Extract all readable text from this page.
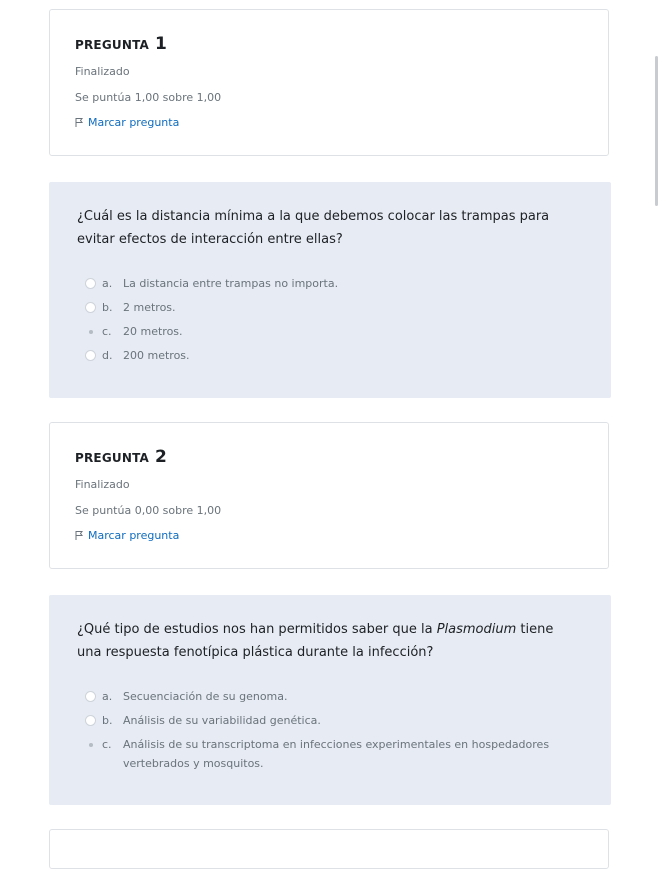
PREGUNTA 1
Finalizado
Se puntúa 1,00 sobre 1,00
Marcar pregunta
¿Cuál es la distancia mínima a la que debemos colocar las trampas para evitar efectos de interacción entre ellas?
a. La distancia entre trampas no importa.
b. 2 metros.
c. 20 metros.
d. 200 metros.
PREGUNTA 2
Finalizado
Se puntúa 0,00 sobre 1,00
Marcar pregunta
¿Qué tipo de estudios nos han permitidos saber que la Plasmodium tiene una respuesta fenotípica plástica durante la infección?
a. Secuenciación de su genoma.
b. Análisis de su variabilidad genética.
c. Análisis de su transcriptoma en infecciones experimentales en hospedadores vertebrados y mosquitos.
